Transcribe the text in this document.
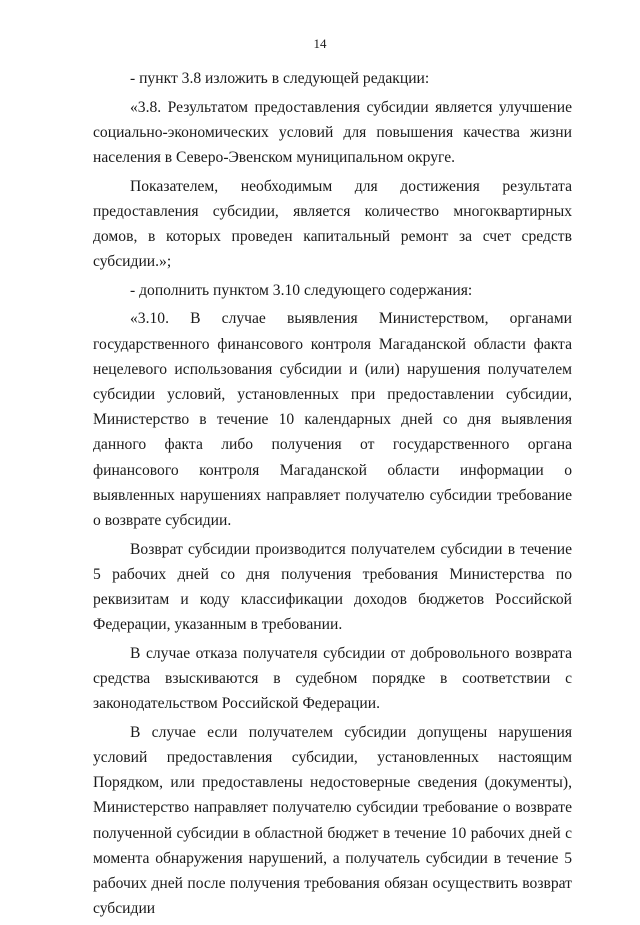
14

- пункт 3.8 изложить в следующей редакции:

«3.8. Результатом предоставления субсидии является улучшение социально-экономических условий для повышения качества жизни населения в Северо-Эвенском муниципальном округе.

Показателем, необходимым для достижения результата предоставления субсидии, является количество многоквартирных домов, в которых проведен капитальный ремонт за счет средств субсидии.»;

- дополнить пунктом 3.10 следующего содержания:

«3.10. В случае выявления Министерством, органами государственного финансового контроля Магаданской области факта нецелевого использования субсидии и (или) нарушения получателем субсидии условий, установленных при предоставлении субсидии, Министерство в течение 10 календарных дней со дня выявления данного факта либо получения от государственного органа финансового контроля Магаданской области информации о выявленных нарушениях направляет получателю субсидии требование о возврате субсидии.

Возврат субсидии производится получателем субсидии в течение 5 рабочих дней со дня получения требования Министерства по реквизитам и коду классификации доходов бюджетов Российской Федерации, указанным в требовании.

В случае отказа получателя субсидии от добровольного возврата средства взыскиваются в судебном порядке в соответствии с законодательством Российской Федерации.

В случае если получателем субсидии допущены нарушения условий предоставления субсидии, установленных настоящим Порядком, или предоставлены недостоверные сведения (документы), Министерство направляет получателю субсидии требование о возврате полученной субсидии в областной бюджет в течение 10 рабочих дней с момента обнаружения нарушений, а получатель субсидии в течение 5 рабочих дней после получения требования обязан осуществить возврат субсидии
